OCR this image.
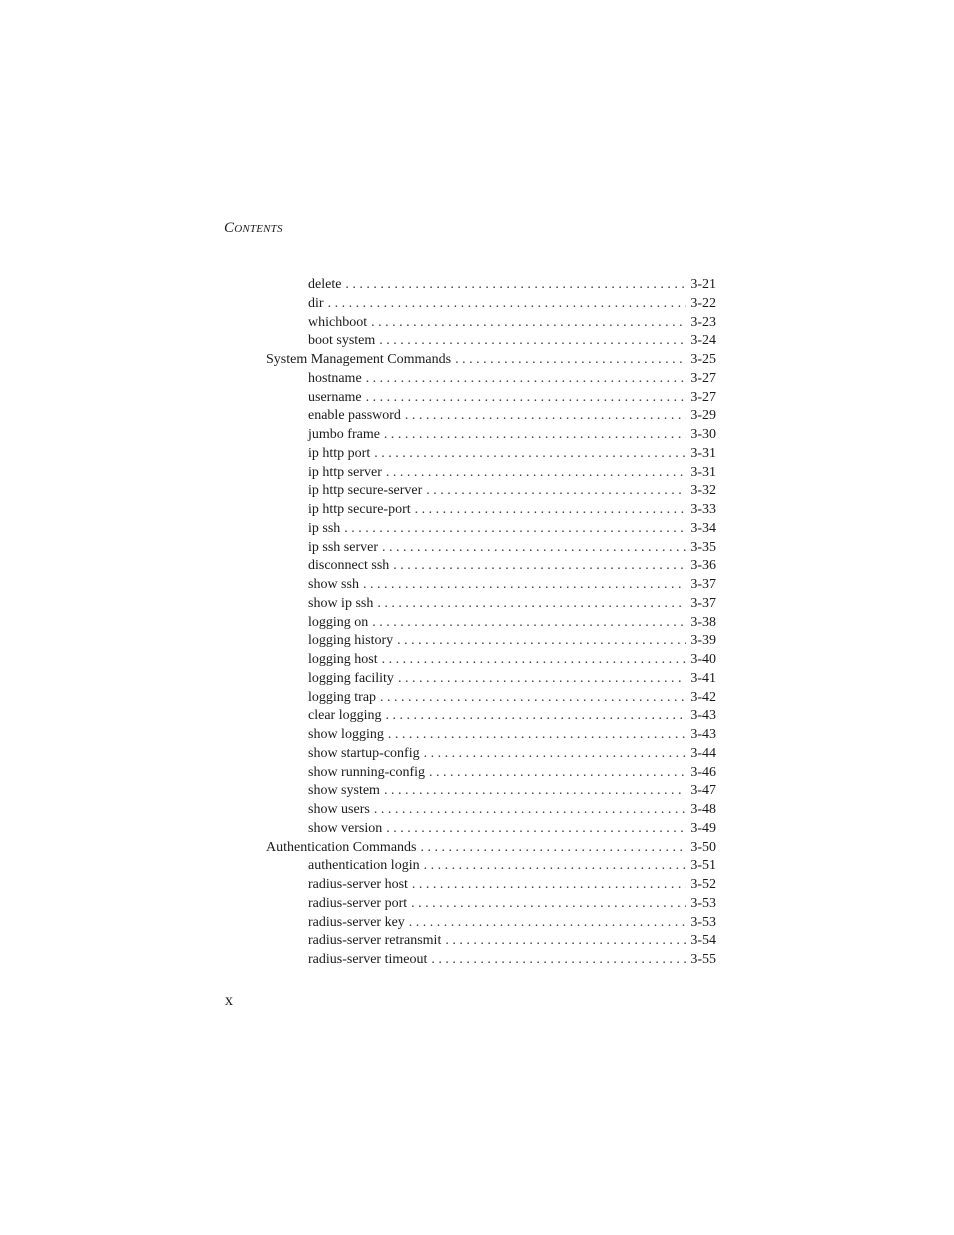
Contents
delete . . .	3-21
dir . . .	3-22
whichboot . . .	3-23
boot system . . .	3-24
System Management Commands . . .	3-25
hostname . . .	3-27
username . . .	3-27
enable password . . .	3-29
jumbo frame . . .	3-30
ip http port . . .	3-31
ip http server . . .	3-31
ip http secure-server . . .	3-32
ip http secure-port . . .	3-33
ip ssh . . .	3-34
ip ssh server . . .	3-35
disconnect ssh . . .	3-36
show ssh . . .	3-37
show ip ssh . . .	3-37
logging on . . .	3-38
logging history . . .	3-39
logging host . . .	3-40
logging facility . . .	3-41
logging trap . . .	3-42
clear logging . . .	3-43
show logging . . .	3-43
show startup-config . . .	3-44
show running-config . . .	3-46
show system . . .	3-47
show users . . .	3-48
show version . . .	3-49
Authentication Commands . . .	3-50
authentication login . . .	3-51
radius-server host . . .	3-52
radius-server port . . .	3-53
radius-server key . . .	3-53
radius-server retransmit . . .	3-54
radius-server timeout . . .	3-55
x
